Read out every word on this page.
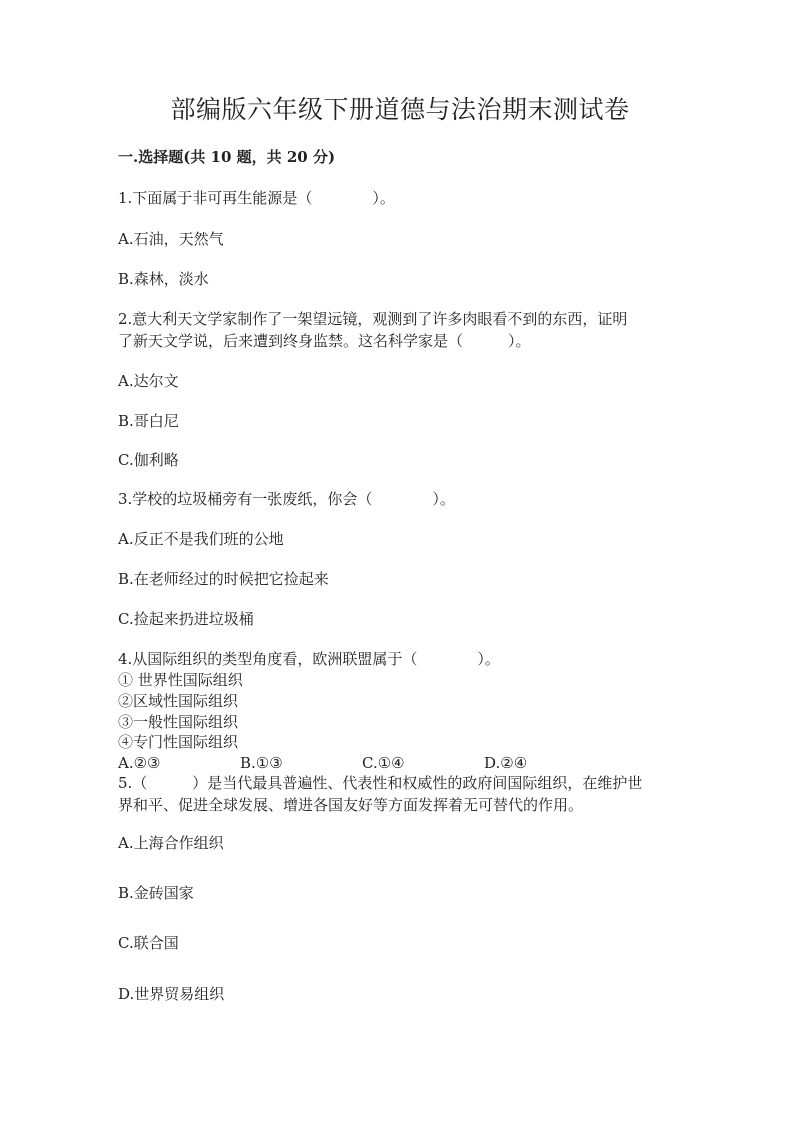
部编版六年级下册道德与法治期末测试卷
一.选择题(共 10 题，共 20 分)
1.下面属于非可再生能源是（　　　　）。
A.石油，天然气
B.森林，淡水
2.意大利天文学家制作了一架望远镜，观测到了许多肉眼看不到的东西，证明
了新天文学说，后来遭到终身监禁。这名科学家是（　　　）。
A.达尔文
B.哥白尼
C.伽利略
3.学校的垃圾桶旁有一张废纸，你会（　　　　）。
A.反正不是我们班的公地
B.在老师经过的时候把它捡起来
C.捡起来扔进垃圾桶
4.从国际组织的类型角度看，欧洲联盟属于（　　　　）。
① 世界性国际组织
②区域性国际组织
③一般性国际组织
④专门性国际组织
A.②③	B.①③	C.①④	D.②④
5.（　　　）是当代最具普遍性、代表性和权威性的政府间国际组织，在维护世
界和平、促进全球发展、增进各国友好等方面发挥着无可替代的作用。
A.上海合作组织
B.金砖国家
C.联合国
D.世界贸易组织
